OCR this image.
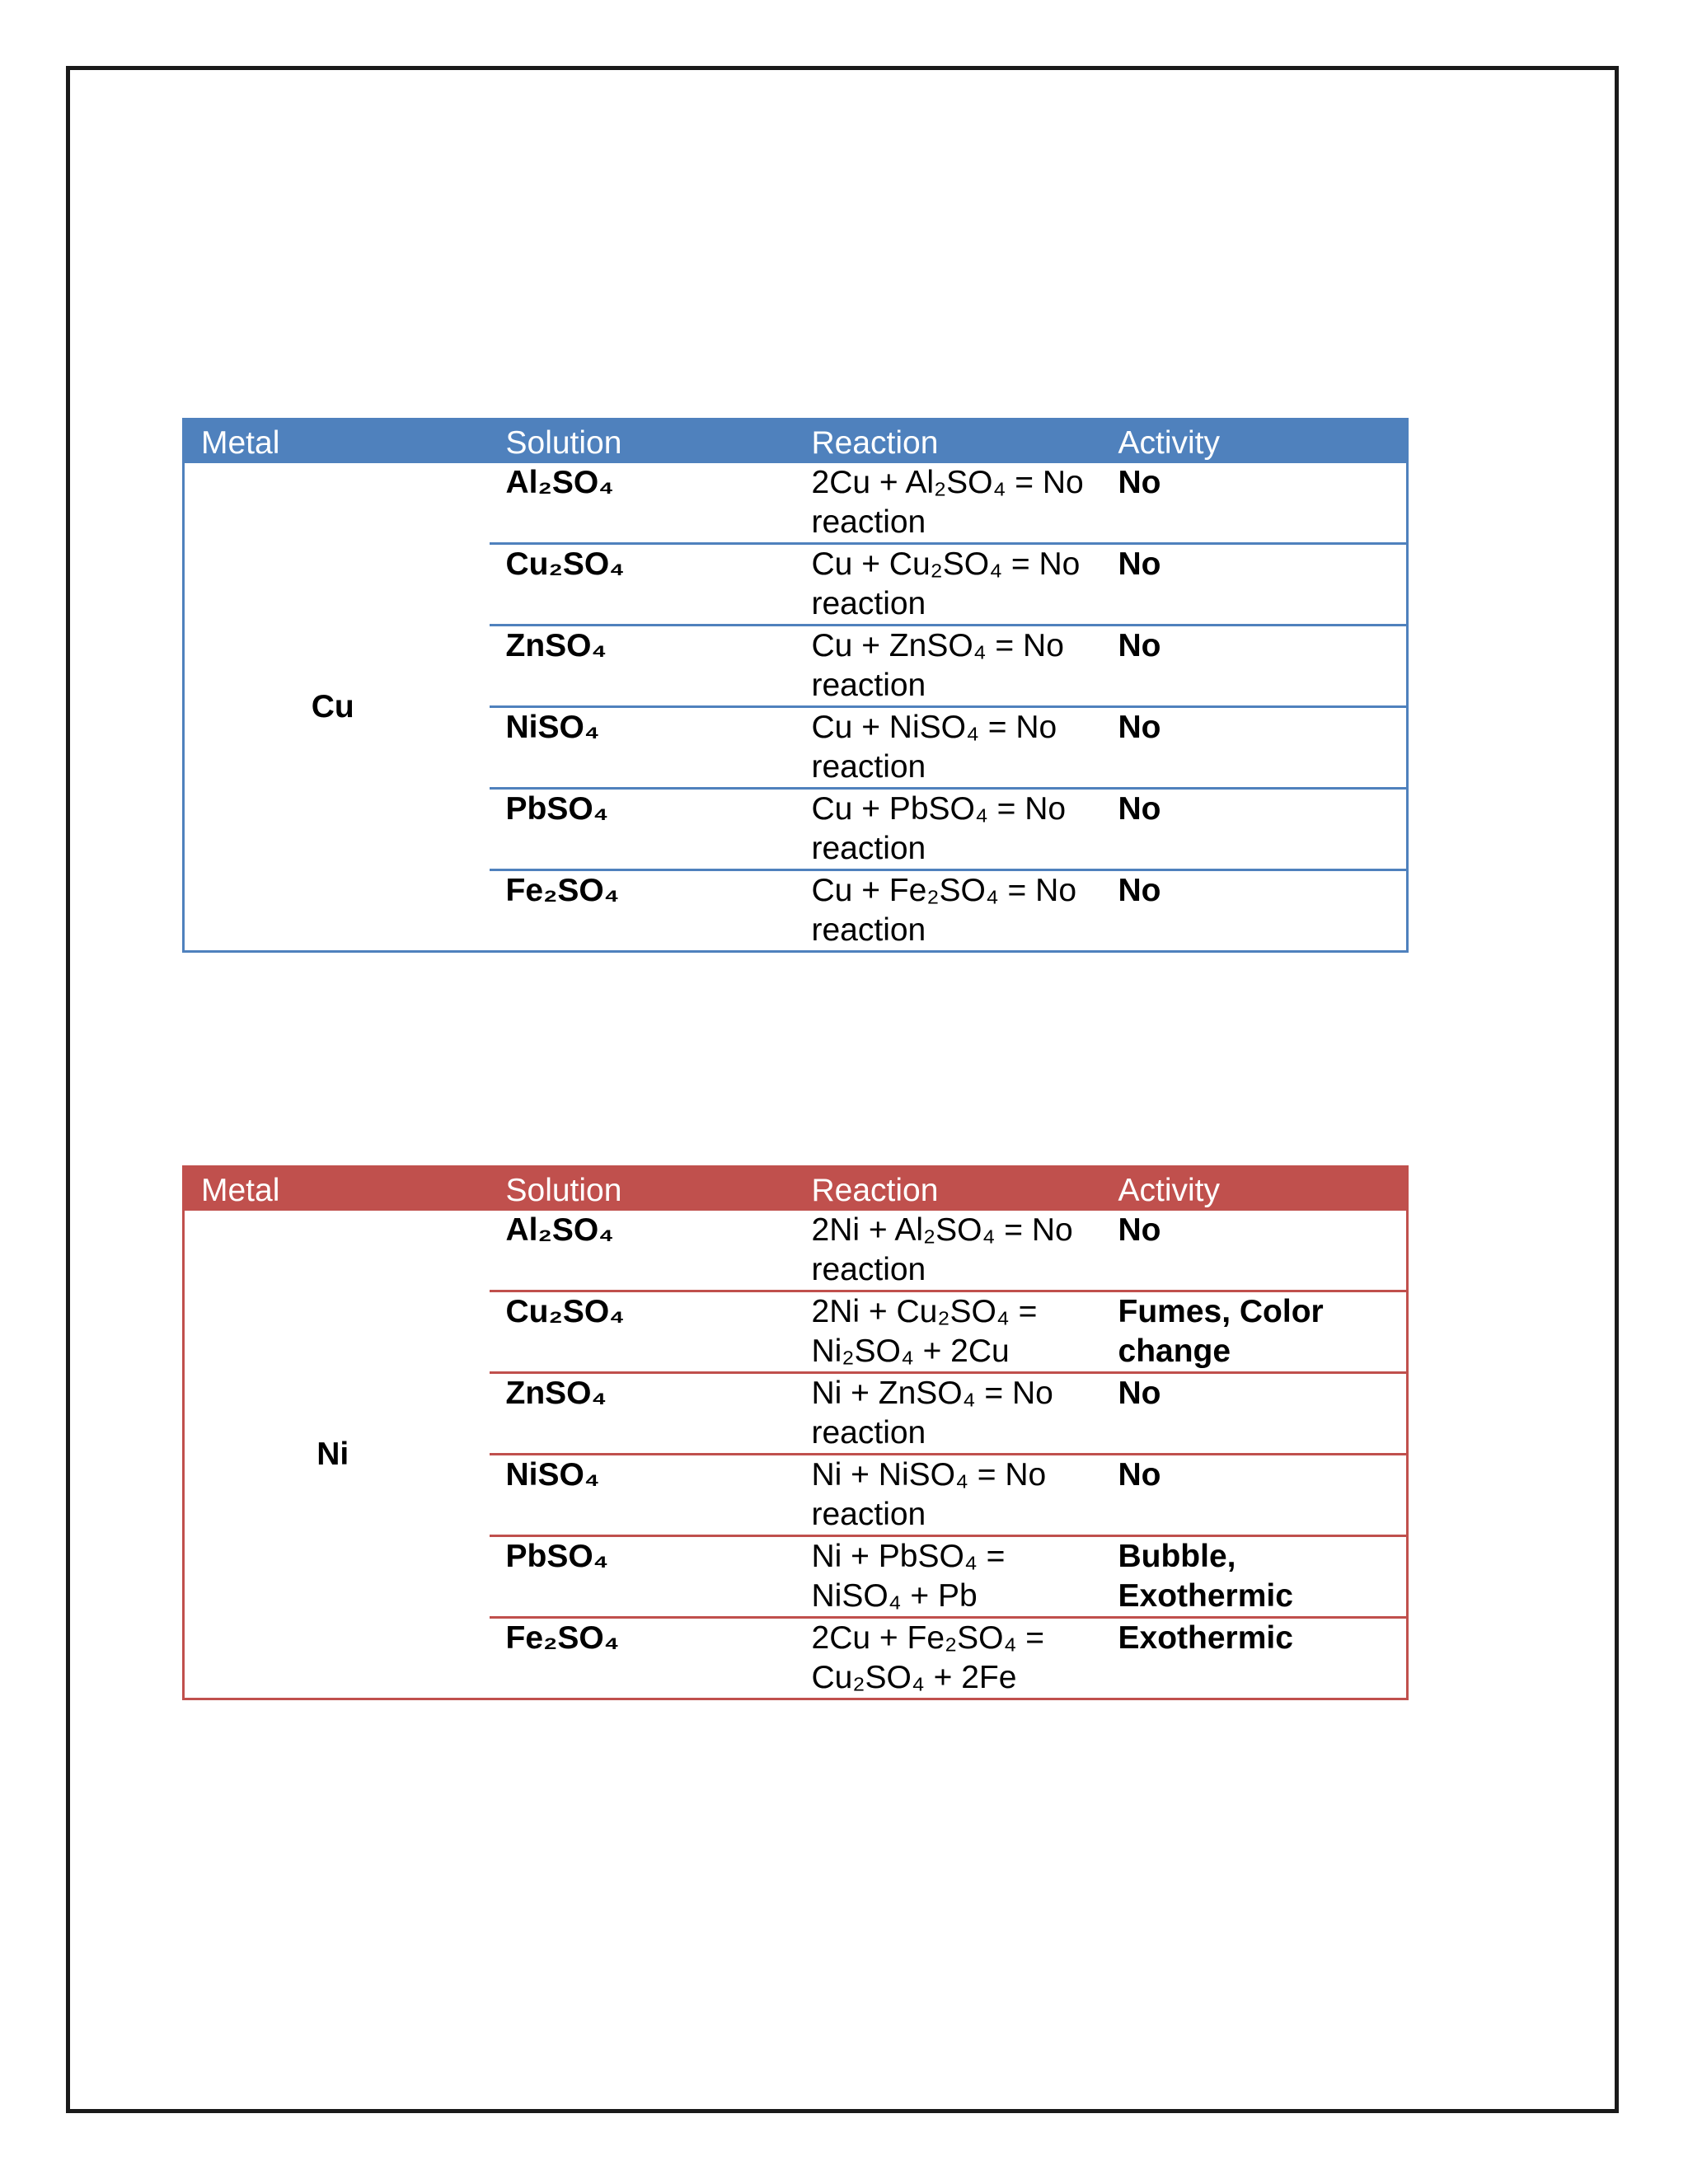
Metal	Solution	Reaction	Activity
Cu	Al₂SO₄	2Cu + Al₂SO₄ = No reaction	No
	Cu₂SO₄	Cu + Cu₂SO₄ = No reaction	No
	ZnSO₄	Cu + ZnSO₄ = No reaction	No
	NiSO₄	Cu + NiSO₄ = No reaction	No
	PbSO₄	Cu + PbSO₄ = No reaction	No
	Fe₂SO₄	Cu + Fe₂SO₄ = No reaction	No
Metal	Solution	Reaction	Activity
Ni	Al₂SO₄	2Ni + Al₂SO₄ = No reaction	No
	Cu₂SO₄	2Ni + Cu₂SO₄ = Ni₂SO₄ + 2Cu	Fumes, Color change
	ZnSO₄	Ni + ZnSO₄ = No reaction	No
	NiSO₄	Ni + NiSO₄ = No reaction	No
	PbSO₄	Ni + PbSO₄ = NiSO₄ + Pb	Bubble, Exothermic
	Fe₂SO₄	2Cu + Fe₂SO₄ = Cu₂SO₄ + 2Fe	Exothermic
